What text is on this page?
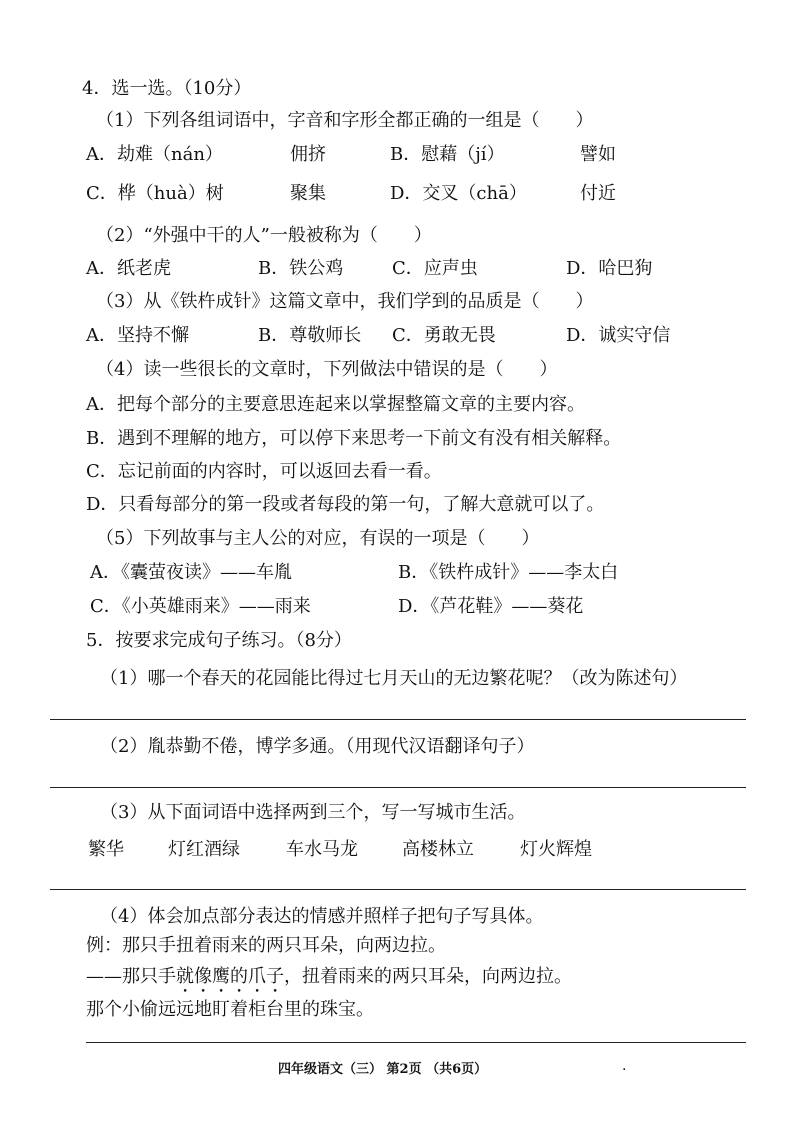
4．选一选。（10分）
（1）下列各组词语中，字音和字形全都正确的一组是（　　）
A．劫难（nán）	佣挤	B．慰藉（jí）	譬如
C．桦（huà）树	聚集	D．交叉（chā）	付近
（2）“外强中干的人”一般被称为（　　）
A．纸老虎	B．铁公鸡	C．应声虫	D．哈巴狗
（3）从《铁杵成针》这篇文章中，我们学到的品质是（　　）
A．坚持不懈	B．尊敬师长 C．勇敢无畏	D．诚实守信
（4）读一些很长的文章时，下列做法中错误的是（　　）
A．把每个部分的主要意思连起来以掌握整篇文章的主要内容。
B．遇到不理解的地方，可以停下来思考一下前文有没有相关解释。
C．忘记前面的内容时，可以返回去看一看。
D．只看每部分的第一段或者每段的第一句，了解大意就可以了。
（5）下列故事与主人公的对应，有误的一项是（　　）
A．《囊萤夜读》——车胤	B．《铁杵成针》——李太白
C．《小英雄雨来》——雨来	D．《芦花鞋》——葵花
5．按要求完成句子练习。（8分）
（1）哪一个春天的花园能比得过七月天山的无边繁花呢？（改为陈述句）
（2）胤恭勤不倦，博学多通。（用现代汉语翻译句子）
（3）从下面词语中选择两到三个，写一写城市生活。
繁华 灯红酒绿	车水马龙 高楼林立	灯火辉煌
（4）体会加点部分表达的情感并照样子把句子写具体。
例：那只手扭着雨来的两只耳朵，向两边拉。
——那只手就像鹰的爪子，扭着雨来的两只耳朵，向两边拉。
那个小偷远远地盯着柜台里的珠宝。
四年级语文（三） 第2页 （共6页）	.
